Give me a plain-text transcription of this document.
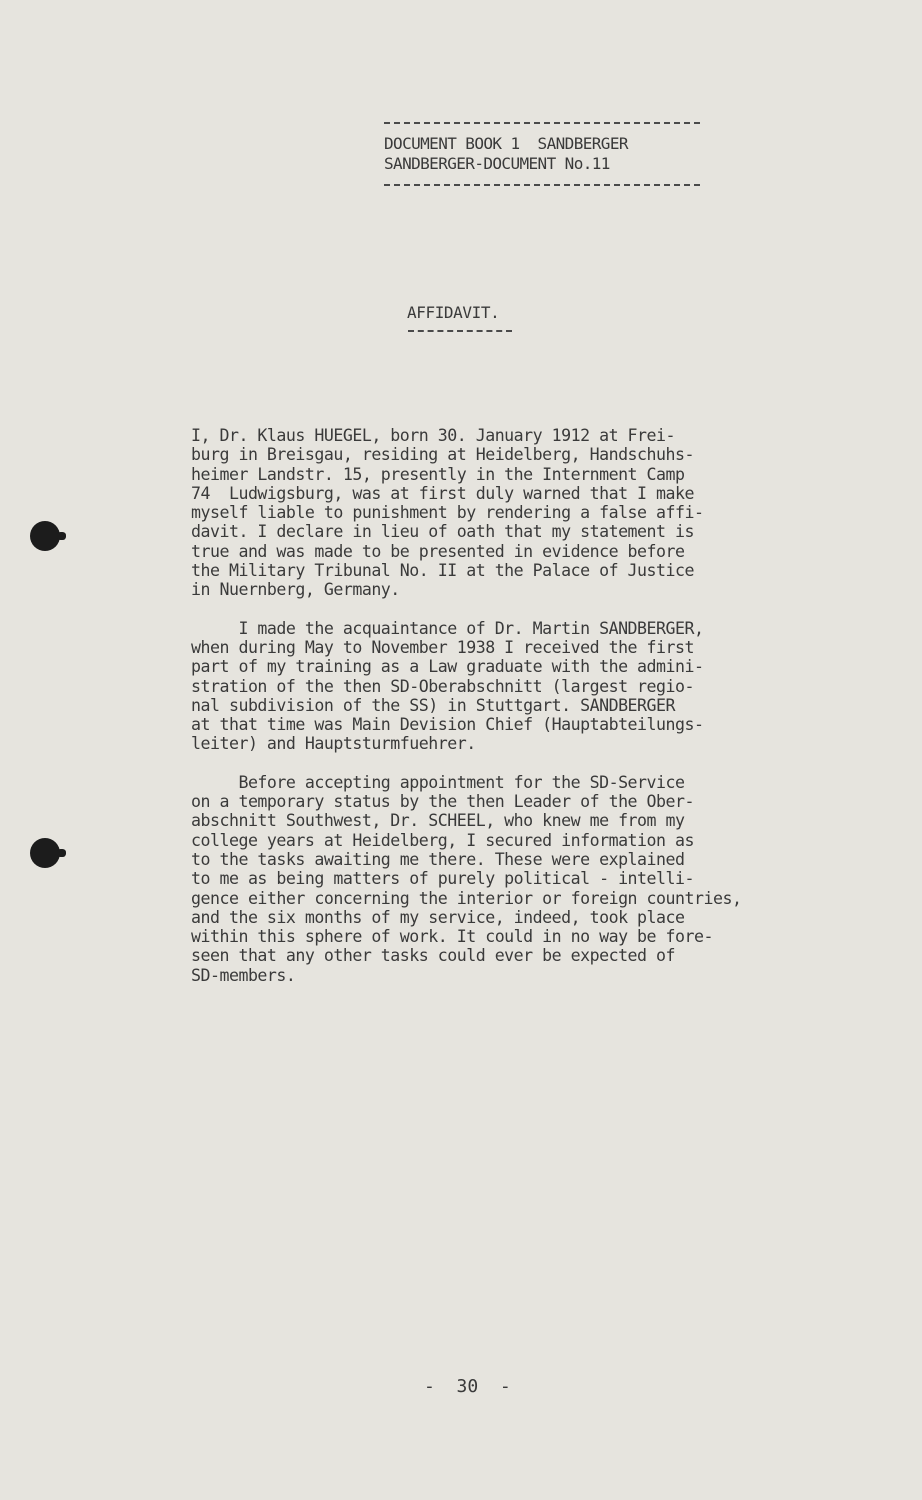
DOCUMENT BOOK 1  SANDBERGER
SANDBERGER-DOCUMENT No.11
AFFIDAVIT.

I, Dr. Klaus HUEGEL, born 30. January 1912 at Frei-
burg in Breisgau, residing at Heidelberg, Handschuhs-
heimer Landstr. 15, presently in the Internment Camp
74  Ludwigsburg, was at first duly warned that I make
myself liable to punishment by rendering a false affi-
davit. I declare in lieu of oath that my statement is
true and was made to be presented in evidence before
the Military Tribunal No. II at the Palace of Justice
in Nuernberg, Germany.

I made the acquaintance of Dr. Martin SANDBERGER,
when during May to November 1938 I received the first
part of my training as a Law graduate with the admini-
stration of the then SD-Oberabschnitt (largest regio-
nal subdivision of the SS) in Stuttgart. SANDBERGER
at that time was Main Devision Chief (Hauptabteilungs-
leiter) and Hauptsturmfuehrer.

Before accepting appointment for the SD-Service
on a temporary status by the then Leader of the Ober-
abschnitt Southwest, Dr. SCHEEL, who knew me from my
college years at Heidelberg, I secured information as
to the tasks awaiting me there. These were explained
to me as being matters of purely political - intelli-
gence either concerning the interior or foreign countries,
and the six months of my service, indeed, took place
within this sphere of work. It could in no way be fore-
seen that any other tasks could ever be expected of
SD-members.

-  30  -
